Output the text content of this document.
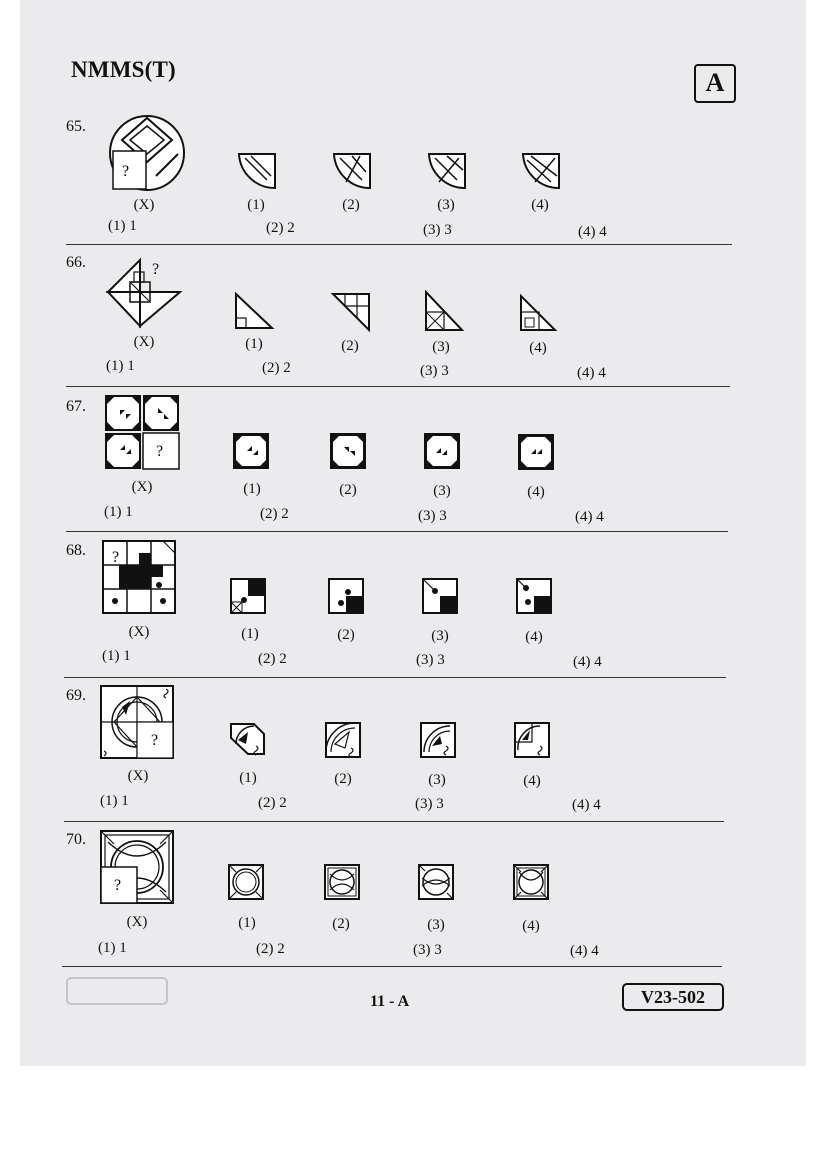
NMMS(T)	A
65.
?
(X)	(1)	(2)	(3)	(4)
(1) 1	(2) 2	(3) 3	(4) 4
66.	?
(X)	(1)	(2)	(3)	(4)
(1) 1	(2) 2	(3) 3	(4) 4
67.
?
(X)	(1)	(2)	(3)	(4)
(1) 1	(2) 2	(3) 3	(4) 4
68. ?
(X)	(1)	(2)	(3)	(4)
(1) 1	(2) 2	(3) 3	(4) 4
69.
?
(X)	(1)	(2)	(3)	(4)
(1) 1	(2) 2	(3) 3	(4) 4
70.
?
(X)	(1)	(2)	(3)	(4)
(1) 1	(2) 2	(3) 3	(4) 4
11 - A	V23-502
